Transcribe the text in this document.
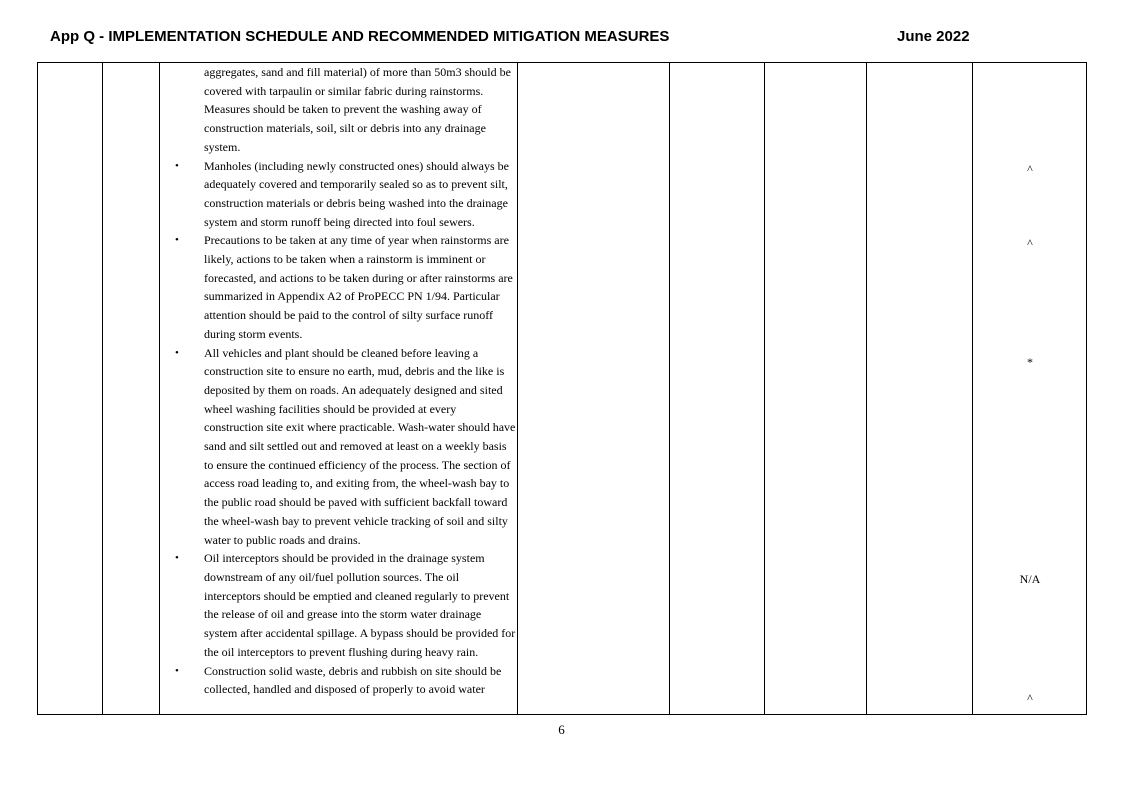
App Q - IMPLEMENTATION SCHEDULE AND RECOMMENDED MITIGATION MEASURES	June 2022
aggregates, sand and fill material) of more than 50m3 should be covered with tarpaulin or similar fabric during rainstorms. Measures should be taken to prevent the washing away of construction materials, soil, silt or debris into any drainage system.
• Manholes (including newly constructed ones) should always be adequately covered and temporarily sealed so as to prevent silt, construction materials or debris being washed into the drainage system and storm runoff being directed into foul sewers.
• Precautions to be taken at any time of year when rainstorms are likely, actions to be taken when a rainstorm is imminent or forecasted, and actions to be taken during or after rainstorms are summarized in Appendix A2 of ProPECC PN 1/94. Particular attention should be paid to the control of silty surface runoff during storm events.
• All vehicles and plant should be cleaned before leaving a construction site to ensure no earth, mud, debris and the like is deposited by them on roads. An adequately designed and sited wheel washing facilities should be provided at every construction site exit where practicable. Wash-water should have sand and silt settled out and removed at least on a weekly basis to ensure the continued efficiency of the process. The section of access road leading to, and exiting from, the wheel-wash bay to the public road should be paved with sufficient backfall toward the wheel-wash bay to prevent vehicle tracking of soil and silty water to public roads and drains.
• Oil interceptors should be provided in the drainage system downstream of any oil/fuel pollution sources. The oil interceptors should be emptied and cleaned regularly to prevent the release of oil and grease into the storm water drainage system after accidental spillage. A bypass should be provided for the oil interceptors to prevent flushing during heavy rain.
• Construction solid waste, debris and rubbish on site should be collected, handled and disposed of properly to avoid water
^
^
*
N/A
^
6
